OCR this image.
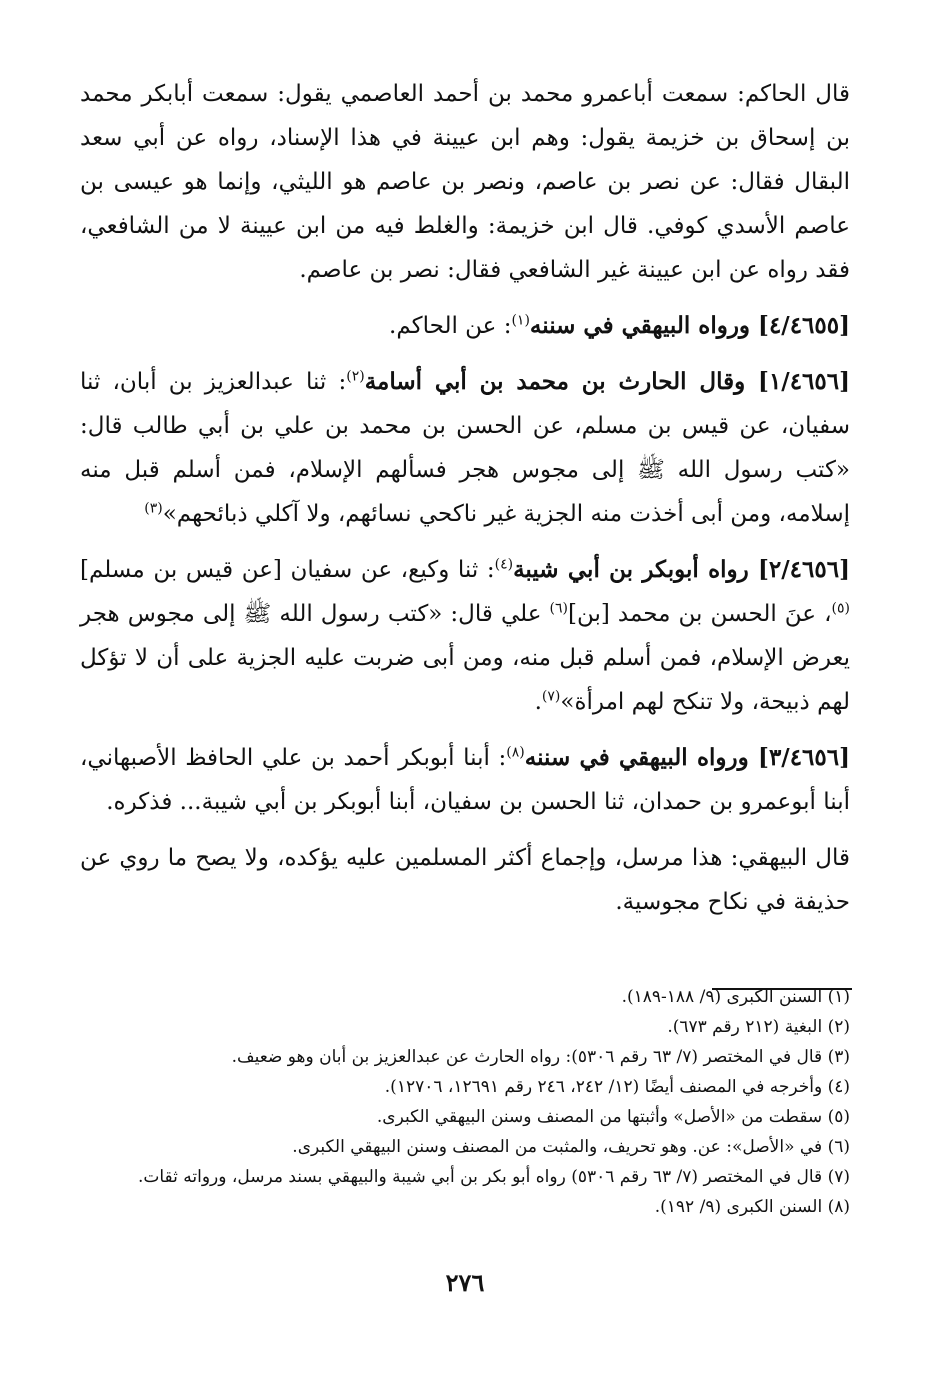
قال الحاكم: سمعت أباعمرو محمد بن أحمد العاصمي يقول: سمعت أبابكر محمد بن إسحاق بن خزيمة يقول: وهم ابن عيينة في هذا الإسناد، رواه عن أبي سعد البقال فقال: عن نصر بن عاصم، ونصر بن عاصم هو الليثي، وإنما هو عيسى بن عاصم الأسدي كوفي. قال ابن خزيمة: والغلط فيه من ابن عيينة لا من الشافعي، فقد رواه عن ابن عيينة غير الشافعي فقال: نصر بن عاصم.

[٤/٤٦٥٥] ورواه البيهقي في سننه$^{(١)}$: عن الحاكم.

[١/٤٦٥٦] وقال الحارث بن محمد بن أبي أسامة$^{(٢)}$: ثنا عبدالعزيز بن أبان، ثنا سفيان، عن قيس بن مسلم، عن الحسن بن محمد بن علي بن أبي طالب قال: «كتب رسول الله ﷺ إلى مجوس هجر فسألهم الإسلام، فمن أسلم قبل منه إسلامه، ومن أبى أخذت منه الجزية غير ناكحي نسائهم، ولا آكلي ذبائحهم»$^{(٣)}$

[٢/٤٦٥٦] رواه أبوبكر بن أبي شيبة$^{(٤)}$: ثنا وكيع، عن سفيان [عن قيس بن مسلم]$^{(٥)}$، عنَ الحسن بن محمد [بن]$^{(٦)}$ علي قال: «كتب رسول الله ﷺ إلى مجوس هجر يعرض الإسلام، فمن أسلم قبل منه، ومن أبى ضربت عليه الجزية على أن لا تؤكل لهم ذبيحة، ولا تنكح لهم امرأة»$^{(٧)}$.

[٣/٤٦٥٦] ورواه البيهقي في سننه$^{(٨)}$: أبنا أبوبكر أحمد بن علي الحافظ الأصبهاني، أبنا أبوعمرو بن حمدان، ثنا الحسن بن سفيان، أبنا أبوبكر بن أبي شيبة... فذكره.

قال البيهقي: هذا مرسل، وإجماع أكثر المسلمين عليه يؤكده، ولا يصح ما روي عن حذيفة في نكاح مجوسية.

(١) السنن الكبرى (٩/ ١٨٨-١٨٩).
(٢) البغية (٢١٢ رقم ٦٧٣).
(٣) قال في المختصر (٧/ ٦٣ رقم ٥٣٠٦): رواه الحارث عن عبدالعزيز بن أبان وهو ضعيف.
(٤) وأخرجه في المصنف أيضًا (١٢/ ٢٤٢، ٢٤٦ رقم ١٢٦٩١، ١٢٧٠٦).
(٥) سقطت من «الأصل» وأثبتها من المصنف وسنن البيهقي الكبرى.
(٦) في «الأصل»: عن. وهو تحريف، والمثبت من المصنف وسنن البيهقي الكبرى.
(٧) قال في المختصر (٧/ ٦٣ رقم ٥٣٠٦) رواه أبو بكر بن أبي شيبة والبيهقي بسند مرسل، ورواته ثقات.
(٨) السنن الكبرى (٩/ ١٩٢).
٢٧٦
